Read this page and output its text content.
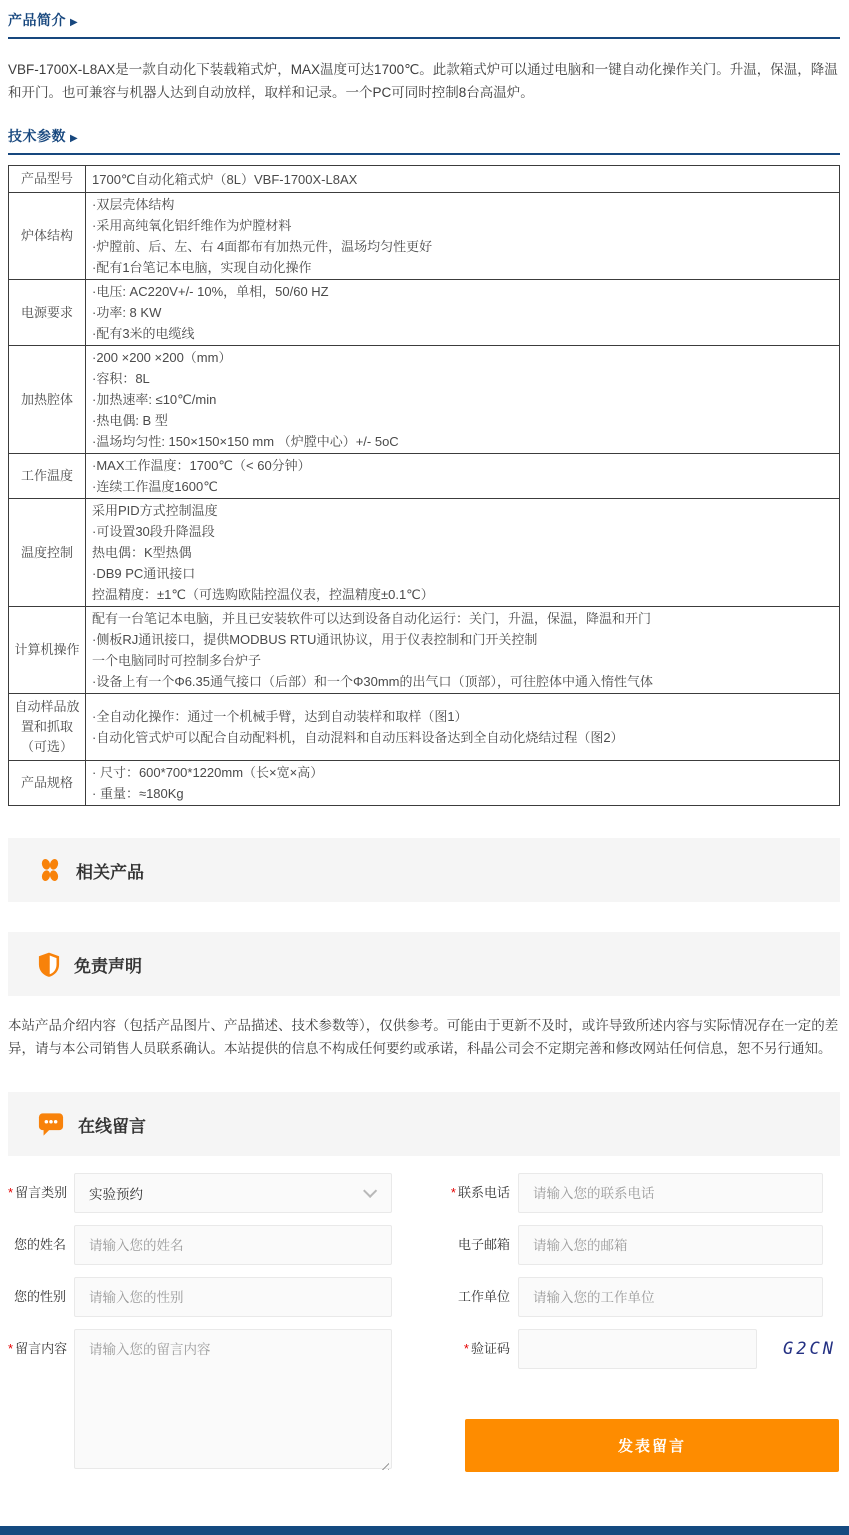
产品简介 ▶

VBF-1700X-L8AX是一款自动化下装载箱式炉，MAX温度可达1700℃。此款箱式炉可以通过电脑和一键自动化操作关门。升温，保温，降温和开门。也可兼容与机器人达到自动放样，取样和记录。一个PC可同时控制8台高温炉。

技术参数 ▶
产品型号	1700℃自动化箱式炉（8L）VBF-1700X-L8AX

炉体结构	·双层壳体结构
·采用高纯氧化铝纤维作为炉膛材料
·炉膛前、后、左、右 4面都布有加热元件，温场均匀性更好
·配有1台笔记本电脑，实现自动化操作

电源要求	·电压: AC220V+/- 10%，单相，50/60 HZ
·功率: 8 KW
·配有3米的电缆线

加热腔体	·200 ×200 ×200（mm）
·容积：8L
·加热速率: ≤10℃/min
·热电偶: B 型
·温场均匀性: 150×150×150 mm （炉膛中心）+/- 5oC

工作温度	·MAX工作温度：1700℃（< 60分钟）
·连续工作温度1600℃

温度控制	采用PID方式控制温度
·可设置30段升降温段
热电偶：K型热偶
·DB9 PC通讯接口
控温精度：±1℃（可选购欧陆控温仪表，控温精度±0.1℃）

计算机操作	配有一台笔记本电脑，并且已安装软件可以达到设备自动化运行：关门，升温，保温，降温和开门
·侧板RJ通讯接口，提供MODBUS RTU通讯协议，用于仪表控制和门开关控制
一个电脑同时可控制多台炉子
·设备上有一个Φ6.35通气接口（后部）和一个Φ30mm的出气口（顶部），可往腔体中通入惰性气体

自动样品放置和抓取（可选）	·全自动化操作：通过一个机械手臂，达到自动装样和取样（图1）
·自动化管式炉可以配合自动配料机，自动混料和自动压料设备达到全自动化烧结过程（图2）

产品规格	· 尺寸：600*700*1220mm（长×宽×高）
· 重量：≈180Kg
相关产品
免责声明

本站产品介绍内容（包括产品图片、产品描述、技术参数等），仅供参考。可能由于更新不及时，或许导致所述内容与实际情况存在一定的差异，请与本公司销售人员联系确认。本站提供的信息不构成任何要约或承诺，科晶公司会不定期完善和修改网站任何信息，恕不另行通知。

在线留言
* 留言类别 实验预约
您的姓名
请输入您的姓名
您的性别
请输入您的性别
* 留言内容
请输入您的留言内容
* 联系电话
请输入您的联系电话
电子邮箱
请输入您的邮箱
工作单位
请输入您的工作单位
* 验证码	G2CN
发表留言
